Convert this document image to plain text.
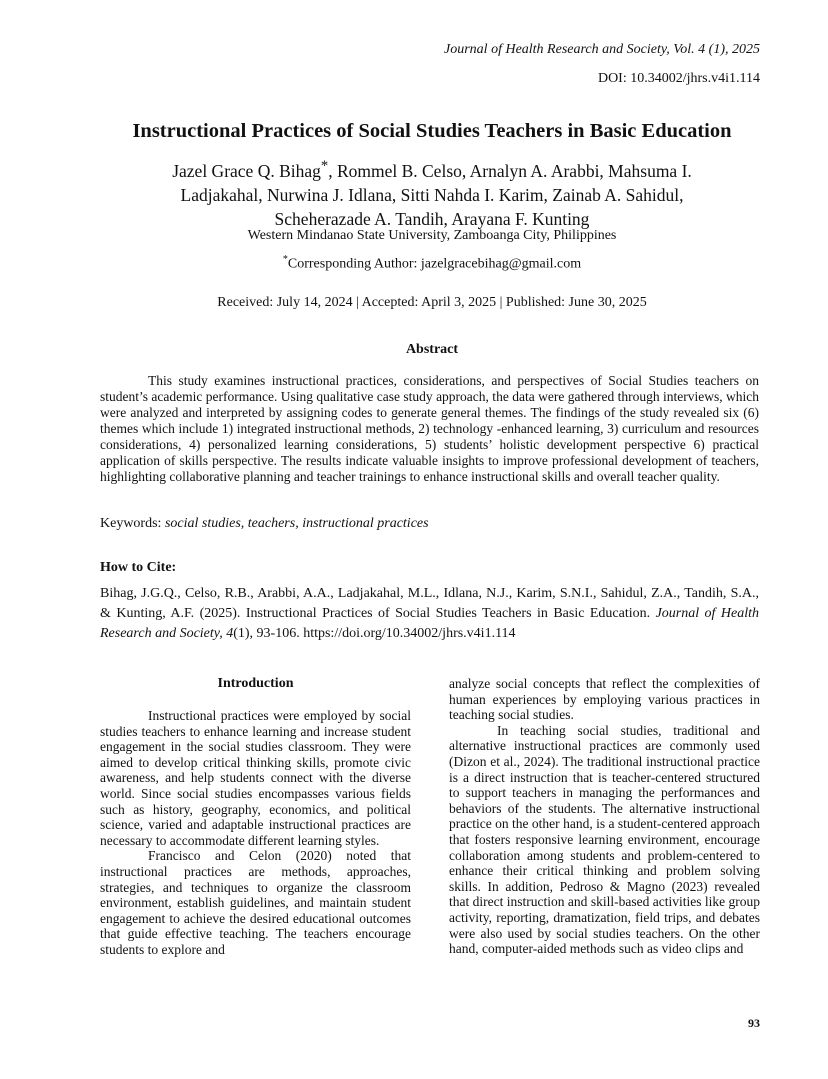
Journal of Health Research and Society, Vol. 4 (1), 2025
DOI: 10.34002/jhrs.v4i1.114
Instructional Practices of Social Studies Teachers in Basic Education
Jazel Grace Q. Bihag*, Rommel B. Celso, Arnalyn A. Arabbi, Mahsuma I.
Ladjakahal, Nurwina J. Idlana, Sitti Nahda I. Karim, Zainab A. Sahidul,
Scheherazade A. Tandih, Arayana F. Kunting
Western Mindanao State University, Zamboanga City, Philippines
*Corresponding Author: jazelgracebihag@gmail.com
Received: July 14, 2024 | Accepted: April 3, 2025 | Published: June 30, 2025
Abstract

This study examines instructional practices, considerations, and perspectives of Social Studies teachers on student’s academic performance. Using qualitative case study approach, the data were gathered through interviews, which were analyzed and interpreted by assigning codes to generate general themes. The findings of the study revealed six (6) themes which include 1) integrated instructional methods, 2) technology -enhanced learning, 3) curriculum and resources considerations, 4) personalized learning considerations, 5) students’ holistic development perspective 6) practical application of skills perspective. The results indicate valuable insights to improve professional development of teachers, highlighting collaborative planning and teacher trainings to enhance instructional skills and overall teacher quality.

Keywords: social studies, teachers, instructional practices
How to Cite:

Bihag, J.G.Q., Celso, R.B., Arabbi, A.A., Ladjakahal, M.L., Idlana, N.J., Karim, S.N.I., Sahidul, Z.A., Tandih, S.A., & Kunting, A.F. (2025). Instructional Practices of Social Studies Teachers in Basic Education. Journal of Health Research and Society, 4(1), 93-106. https://doi.org/10.34002/jhrs.v4i1.114

Introduction

Instructional practices were employed by social studies teachers to enhance learning and increase student engagement in the social studies classroom. They were aimed to develop critical thinking skills, promote civic awareness, and help students connect with the diverse world. Since social studies encompasses various fields such as history, geography, economics, and political science, varied and adaptable instructional practices are necessary to accommodate different learning styles.

Francisco and Celon (2020) noted that instructional practices are methods, approaches, strategies, and techniques to organize the classroom environment, establish guidelines, and maintain student engagement to achieve the desired educational outcomes that guide effective teaching. The teachers encourage students to explore and

analyze social concepts that reflect the complexities of human experiences by employing various practices in teaching social studies.

In teaching social studies, traditional and alternative instructional practices are commonly used (Dizon et al., 2024). The traditional instructional practice is a direct instruction that is teacher-centered structured to support teachers in managing the performances and behaviors of the students. The alternative instructional practice on the other hand, is a student-centered approach that fosters responsive learning environment, encourage collaboration among students and problem-centered to enhance their critical thinking and problem solving skills. In addition, Pedroso & Magno (2023) revealed that direct instruction and skill-based activities like group activity, reporting, dramatization, field trips, and debates were also used by social studies teachers. On the other hand, computer-aided methods such as video clips and

93
